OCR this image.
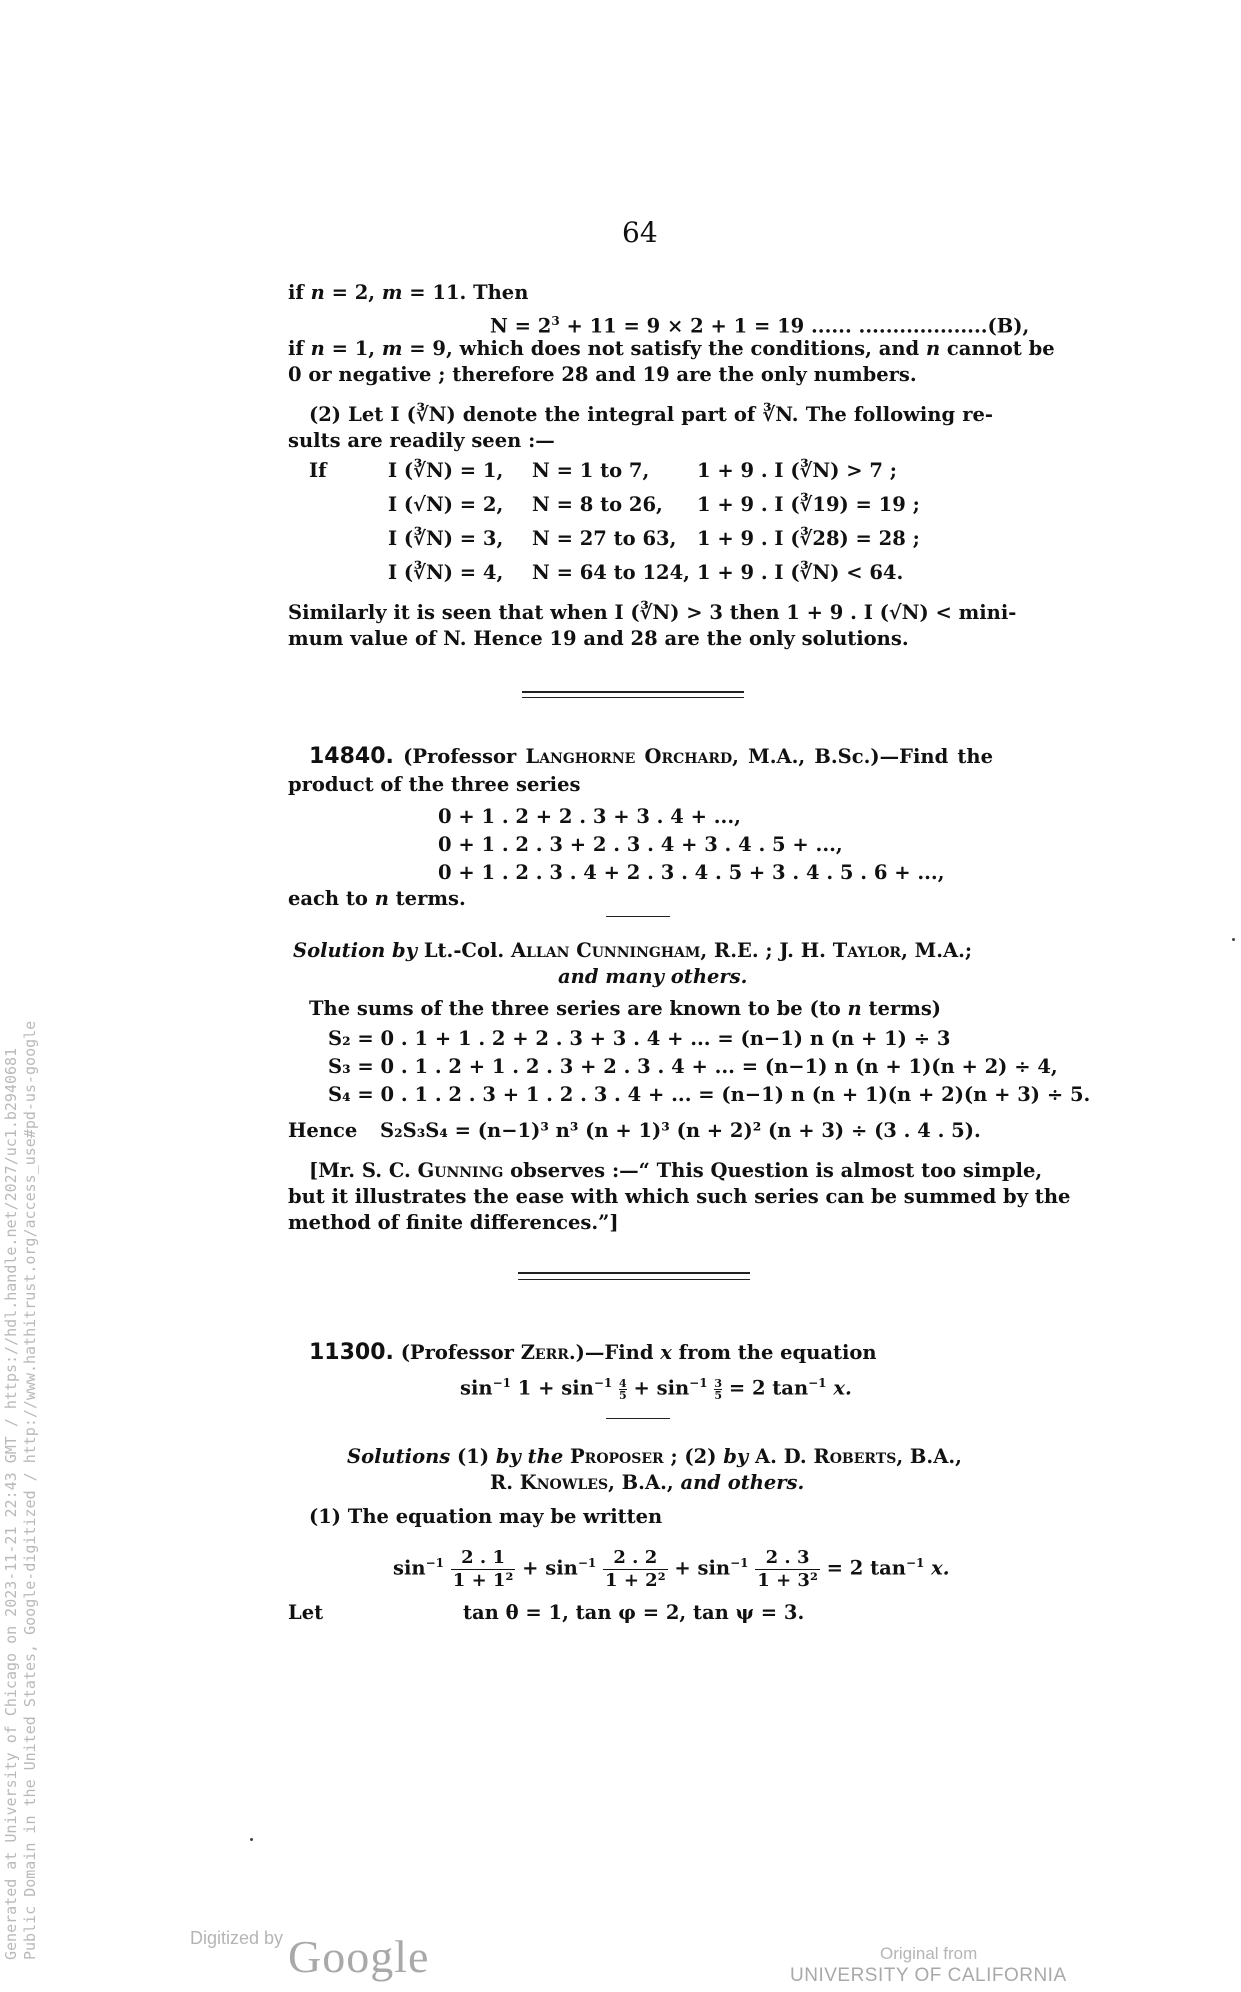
Generated at University of Chicago on 2023-11-21 22:43 GMT / https://hdl.handle.net/2027/uc1.b2940681 Public Domain in the United States, Google-digitized / http://www.hathitrust.org/access_use#pd-us-google
64
if n = 2, m = 11. Then
$N = 2^3 + 11 = 9 \times 2 + 1 = 19$ ...... ...................(B),
if n = 1, m = 9, which does not satisfy the conditions, and n cannot be
0 or negative ; therefore 28 and 19 are the only numbers.
(2) Let I (∛N) denote the integral part of ∛N. The following re-
sults are readily seen :—
If	I (∛N) = 1, N = 1 to 7, 1 + 9 . I (∛N) > 7 ;
I (√N) = 2, N = 8 to 26, 1 + 9 . I (∛19) = 19 ;
I (∛N) = 3, N = 27 to 63, 1 + 9 . I (∛28) = 28 ;
I (∛N) = 4, N = 64 to 124, 1 + 9 . I (∛N) < 64.
Similarly it is seen that when I (∛N) > 3 then 1 + 9 . I (√N) < mini-
mum value of N. Hence 19 and 28 are the only solutions.
14840. (Professor Langhorne Orchard, M.A., B.Sc.)—Find the
product of the three series
0 + 1 . 2 + 2 . 3 + 3 . 4 + ...,
0 + 1 . 2 . 3 + 2 . 3 . 4 + 3 . 4 . 5 + ...,
0 + 1 . 2 . 3 . 4 + 2 . 3 . 4 . 5 + 3 . 4 . 5 . 6 + ...,
each to n terms.
Solution by Lt.-Col. Allan Cunningham, R.E. ; J. H. Taylor, M.A.;
and many others.
The sums of the three series are known to be (to n terms)
S₂ = 0 . 1 + 1 . 2 + 2 . 3 + 3 . 4 + ... = (n−1) n (n + 1) ÷ 3
S₃ = 0 . 1 . 2 + 1 . 2 . 3 + 2 . 3 . 4 + ... = (n−1) n (n + 1)(n + 2) ÷ 4,
S₄ = 0 . 1 . 2 . 3 + 1 . 2 . 3 . 4 + ... = (n−1) n (n + 1)(n + 2)(n + 3) ÷ 5.
Hence S₂S₃S₄ = (n−1)³ n³ (n + 1)³ (n + 2)² (n + 3) ÷ (3 . 4 . 5).
[Mr. S. C. Gunning observes :—“ This Question is almost too simple,
but it illustrates the ease with which such series can be summed by the
method of finite differences.”]
11300. (Professor Zerr.)—Find x from the equation
$\sin^{-1} 1 + \sin^{-1} \frac{4}{5} + \sin^{-1} \frac{3}{5} = 2$ $\tan^{-1} x$.
Solutions (1) by the Proposer ; (2) by A. D. Roberts, B.A.,
R. Knowles, B.A., and others.
(1) The equation may be written
$\sin^{-1} \frac{2 . 1}{\text{1 + 1²}} + \sin^{-1} \frac{2 . 2}{\text{1 + 2²}} + \sin^{-1} \frac{2 . 3}{\text{1 + 3²}} = 2$ $\tan^{-1} x$.
Let	tan θ = 1, tan φ = 2, tan ψ = 3.
Digitized by Google	Original from
UNIVERSITY OF CALIFORNIA
